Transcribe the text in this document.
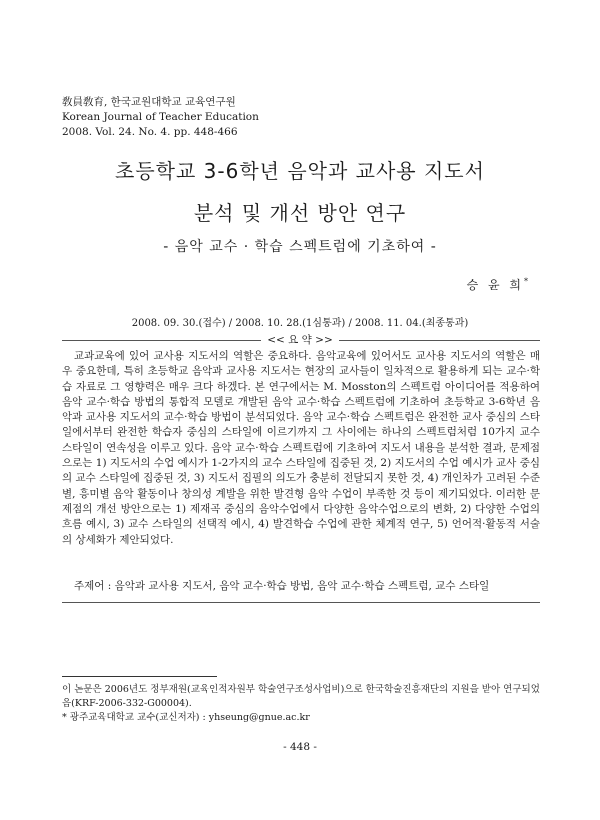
敎員敎育, 한국교원대학교 교육연구원
Korean Journal of Teacher Education
2008. Vol. 24. No. 4. pp. 448-466
초등학교 3-6학년 음악과 교사용 지도서
분석 및 개선 방안 연구
- 음악 교수 · 학습 스펙트럼에 기초하여 -
승 윤 희*
2008. 09. 30.(접수) / 2008. 10. 28.(1심통과) / 2008. 11. 04.(최종통과)
<< 요 약 >>

교과교육에 있어 교사용 지도서의 역할은 중요하다. 음악교육에 있어서도 교사용 지도서의 역할은 매우 중요한데, 특히 초등학교 음악과 교사용 지도서는 현장의 교사들이 일차적으로 활용하게 되는 교수·학습 자료로 그 영향력은 매우 크다 하겠다. 본 연구에서는 M. Mosston의 스펙트럼 아이디어를 적용하여 음악 교수·학습 방법의 통합적 모델로 개발된 음악 교수·학습 스펙트럼에 기초하여 초등학교 3-6학년 음악과 교사용 지도서의 교수·학습 방법이 분석되었다. 음악 교수·학습 스펙트럼은 완전한 교사 중심의 스타일에서부터 완전한 학습자 중심의 스타일에 이르기까지 그 사이에는 하나의 스펙트럼처럼 10가지 교수 스타일이 연속성을 이루고 있다. 음악 교수·학습 스펙트럼에 기초하여 지도서 내용을 분석한 결과, 문제점으로는 1) 지도서의 수업 예시가 1-2가지의 교수 스타일에 집중된 것, 2) 지도서의 수업 예시가 교사 중심의 교수 스타일에 집중된 것, 3) 지도서 집필의 의도가 충분히 전달되지 못한 것, 4) 개인차가 고려된 수준별, 흥미별 음악 활동이나 창의성 계발을 위한 발견형 음악 수업이 부족한 것 등이 제기되었다. 이러한 문제점의 개선 방안으로는 1) 제재곡 중심의 음악수업에서 다양한 음악수업으로의 변화, 2) 다양한 수업의 흐름 예시, 3) 교수 스타일의 선택적 예시, 4) 발견학습 수업에 관한 체계적 연구, 5) 언어적·활동적 서술의 상세화가 제안되었다.

주제어 : 음악과 교사용 지도서, 음악 교수·학습 방법, 음악 교수·학습 스펙트럼, 교수 스타일

이 논문은 2006년도 정부재원(교육인적자원부 학술연구조성사업비)으로 한국학술진흥재단의 지원을 받아 연구되었음(KRF-2006-332-G00004).

* 광주교육대학교 교수(교신저자) : yhseung@gnue.ac.kr

- 448 -
